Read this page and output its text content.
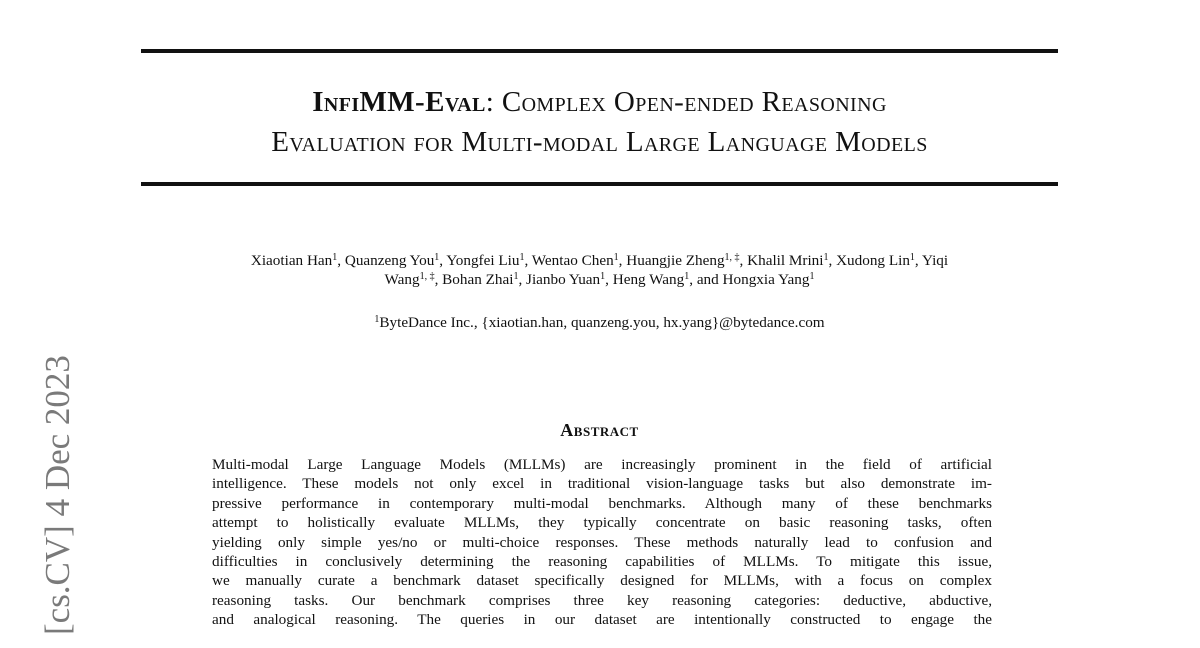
[cs.CV] 4 Dec 2023
InfiMM-Eval: Complex Open-ended Reasoning
Evaluation for Multi-modal Large Language Models
Xiaotian Han$^1$, Quanzeng You$^1$, Yongfei Liu$^1$, Wentao Chen$^1$, Huangjie Zheng$^{1, \ddagger}$, Khalil Mrini$^1$, Xudong Lin$^1$, Yiqi
Wang$^{1, \ddagger}$, Bohan Zhai$^1$, Jianbo Yuan$^1$, Heng Wang$^1$, and Hongxia Yang$^1$
$^1$ByteDance Inc., {xiaotian.han, quanzeng.you, hx.yang}@bytedance.com
Abstract
Multi-modal Large Language Models (MLLMs) are increasingly prominent in the field of artificial
intelligence. These models not only excel in traditional vision-language tasks but also demonstrate im-
pressive performance in contemporary multi-modal benchmarks. Although many of these benchmarks
attempt to holistically evaluate MLLMs, they typically concentrate on basic reasoning tasks, often
yielding only simple yes/no or multi-choice responses. These methods naturally lead to confusion and
difficulties in conclusively determining the reasoning capabilities of MLLMs. To mitigate this issue,
we manually curate a benchmark dataset specifically designed for MLLMs, with a focus on complex
reasoning tasks. Our benchmark comprises three key reasoning categories: deductive, abductive,
and analogical reasoning. The queries in our dataset are intentionally constructed to engage the
